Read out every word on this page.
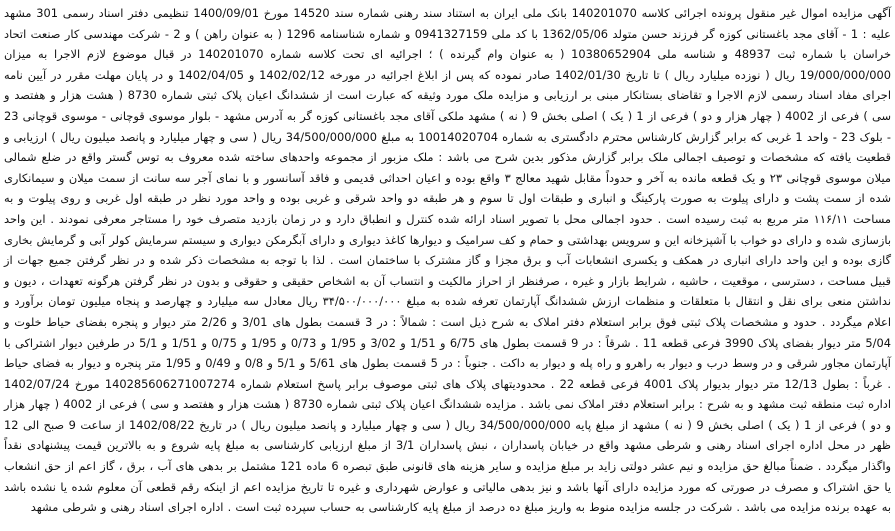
آگهی مزایده اموال غیر منقول پرونده اجرائی کلاسه 140201070 بانک ملی ایران به استناد سند رهنی شماره سند 14520 مورخ 1400/09/01 تنظیمی دفتر اسناد رسمی 301 مشهد علیه : 1 - آقای مجد باغستانی کوزه گر فرزند حسن متولد 1362/05/06 با کد ملی 0941327159 و شماره شناسنامه 1296 ( به عنوان راهن ) و 2 - شرکت مهندسی کار صنعت اتحاد خراسان با شماره ثبت 48937 و شناسه ملی 10380652904 ( به عنوان وام گیرنده ) ؛ اجرائیه ای تحت کلاسه شماره 140201070 در قبال موضوع لازم الاجرا به میزان 19/000/000/000 ریال ( نوزده میلیارد ریال ) تا تاریخ 1402/01/30 صادر نموده که پس از ابلاغ اجرائیه در مورخه 1402/02/12 و 1402/04/05 و در پایان مهلت مقرر در آیین نامه اجرای مفاد اسناد رسمی لازم الاجرا و تقاضای بستانکار مبنی بر ارزیابی و مزایده ملک مورد وثیقه که عبارت است از ششدانگ اعیان پلاک ثبتی شماره 8730 ( هشت هزار و هفتصد و سی ) فرعی از 4002 ( چهار هزار و دو ) فرعی از 1 ( یک ) اصلی بخش 9 ( نه ) مشهد ملکی آقای مجد باغستانی کوزه گر به آدرس مشهد - بلوار موسوی قوچانی - موسوی قوچانی 23 - بلوک 23 - واحد 1 غربی که برابر گزارش کارشناس محترم دادگستری به شماره 10014020704 به مبلغ 34/500/000/000 ریال ( سی و چهار میلیارد و پانصد میلیون ریال ) ارزیابی و قطعیت یافته که مشخصات و توصیف اجمالی ملک برابر گزارش مذکور بدین شرح می باشد : ملک مزبور از مجموعه واحدهای ساخته شده معروف به توس گستر واقع در ضلع شمالی میلان موسوی قوچانی ۲۳ و یک قطعه مانده به آخر و حدوداً مقابل شهید معالج ۳ واقع بوده و اعیان احداثی قدیمی و فاقد آسانسور و با نمای آجر سه سانت از سمت میلان و سیمانکاری شده از سمت پشت و دارای پیلوت به صورت پارکینگ و انباری و طبقات اول تا سوم و هر طبقه دو واحد شرقی و غربی بوده و واحد مورد نظر در طبقه اول غربی و روی پیلوت و به مساحت ۱۱۶/۱۱ متر مربع به ثبت رسیده است . حدود اجمالی محل با تصویر اسناد ارائه شده کنترل و انطباق دارد و در زمان بازدید متصرف خود را مستاجر معرفی نمودند . این واحد بازسازی شده و دارای دو خواب با آشپزخانه این و سرویس بهداشتی و حمام و کف سرامیک و دیوارها کاغذ دیواری و دارای آبگرمکن دیواری و سیستم سرمایش کولر آبی و گرمایش بخاری گازی بوده و این واحد دارای انباری در همکف و یکسری انشعابات آب و برق مجزا و گاز مشترک با ساختمان است . لذا با توجه به مشخصات ذکر شده و در نظر گرفتن جمیع جهات از قبیل مساحت ، دسترسی ، موقعیت ، حاشیه ، شرایط بازار و غیره ، صرفنظر از احراز مالکیت و انتساب آن به اشخاص حقیقی و حقوقی و بدون در نظر گرفتن هرگونه تعهدات ، دیون و نداشتن منعی برای نقل و انتقال با متعلقات و منظمات ارزش ششدانگ آپارتمان تعرفه شده به مبلغ ۳۴/۵۰۰/۰۰۰/۰۰۰ ریال معادل سه میلیارد و چهارصد و پنجاه میلیون تومان برآورد و اعلام میگردد . حدود و مشخصات پلاک ثبتی فوق برابر استعلام دفتر املاک به شرح ذیل است : شمالاً : در 3 قسمت بطول های 3/01 و 2/26 متر دیوار و پنجره بفضای حیاط خلوت و 5/04 متر دیوار بفضای پلاک 3990 فرعی قطعه 11 . شرقاً : در 9 قسمت بطول های 6/75 و 1/51 و 3/02 و 1/95 و 0/73 و 1/95 و 0/75 و 1/51 و 5/1 در طرفین دیوار اشتراکی با آپارتمان مجاور شرقی و در وسط درب و دیوار به راهرو و راه پله و دیوار به داکت . جنوباً : در 5 قسمت بطول های 5/61 و 5/1 و 0/8 و 0/49 و 1/95 متر پنجره و دیوار به فضای حیاط . غرباً : بطول 12/13 متر دیوار بدیوار پلاک 4001 فرعی قطعه 22 . محدودیتهای پلاک های ثبتی موصوف برابر پاسخ استعلام شماره 140285606271007274 مورخ 1402/07/24 اداره ثبت منطقه ثبت مشهد و به شرح : برابر استعلام دفتر املاک نمی باشد . مزایده ششدانگ اعیان پلاک ثبتی شماره 8730 ( هشت هزار و هفتصد و سی ) فرعی از 4002 ( چهار هزار و دو ) فرعی از 1 ( یک ) اصلی بخش 9 ( نه ) مشهد از مبلغ پایه 34/500/000/000 ریال ( سی و چهار میلیارد و پانصد میلیون ریال ) در تاریخ 1402/08/22 از ساعت 9 صبح الی 12 ظهر در محل اداره اجرای اسناد رهنی و شرطی مشهد واقع در خیابان پاسداران ، نبش پاسداران 3/1 از مبلغ ارزیابی کارشناسی به مبلغ پایه شروع و به بالاترین قیمت پیشنهادی نقداً واگذار میگردد . ضمناً مبالغ حق مزایده و نیم عشر دولتی زاید بر مبلغ مزایده و سایر هزینه های قانونی طبق تبصره 6 ماده 121 مشتمل بر بدهی های آب ، برق ، گاز اعم از حق انشعاب یا حق اشتراک و مصرف در صورتی که مورد مزایده دارای آنها باشد و نیز بدهی مالیاتی و عوارض شهرداری و غیره تا تاریخ مزایده اعم از اینکه رقم قطعی آن معلوم شده یا نشده باشد به عهده برنده مزایده می باشد . شرکت در جلسه مزایده منوط به واریز مبلغ ده درصد از مبلغ پایه کارشناسی به حساب سپرده ثبت است . اداره اجرای اسناد رهنی و شرطی مشهد
